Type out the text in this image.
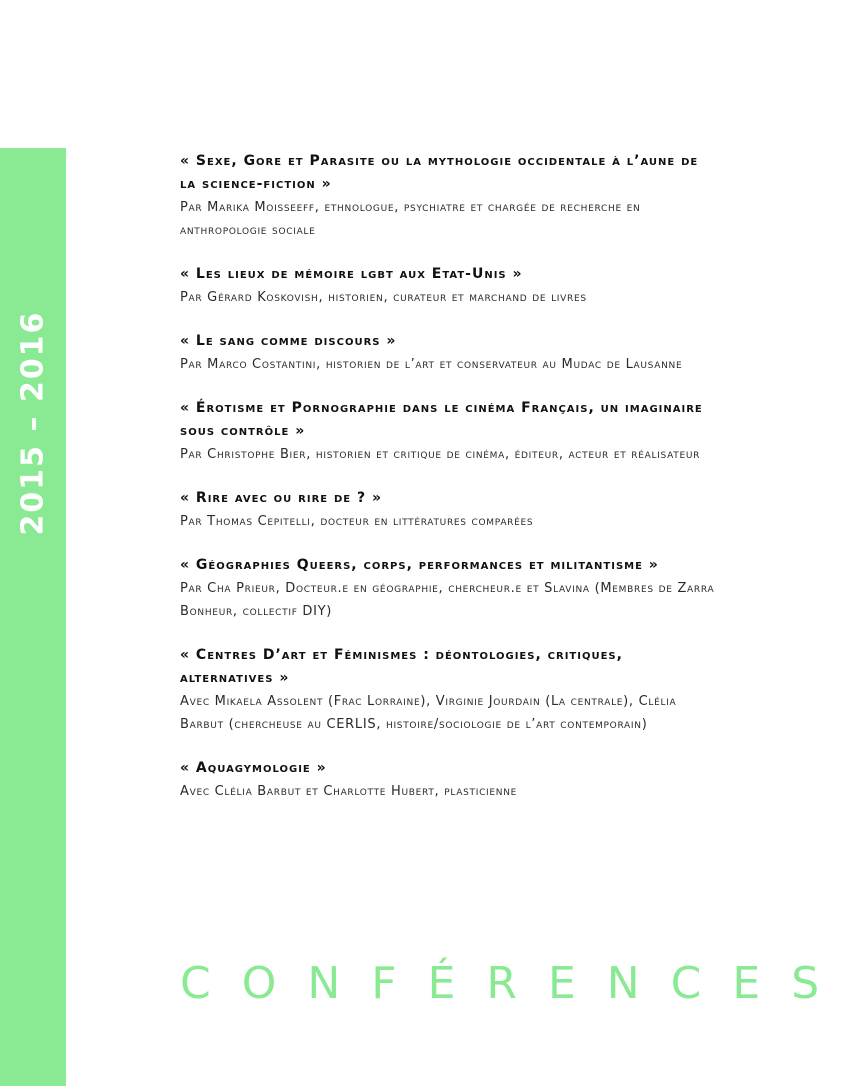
2015 – 2016
« Sexe, Gore et Parasite ou la mythologie occidentale à l’aune de la science-fiction »
Par Marika Moisseeff, ethnologue, psychiatre et chargée de recherche en anthropologie sociale
« Les lieux de mémoire lgbt aux Etat-Unis »
Par Gérard Koskovish, historien, curateur et marchand de livres
« Le sang comme discours »
Par Marco Costantini, historien de l’art et conservateur au Mudac de Lausanne
« Érotisme et Pornographie dans le cinéma Français, un imaginaire sous contrôle »
Par Christophe Bier, historien et critique de cinéma, éditeur, acteur et réalisateur
« Rire avec ou rire de ? »
Par Thomas Cepitelli, docteur en littératures comparées
« Géographies Queers, corps, performances et militantisme »
Par Cha Prieur, Docteur.e en géographie, chercheur.e et Slavina (Membres de Zarra Bonheur, collectif DIY)
« Centres D’art et Féminismes : déontologies, critiques, alternatives »
Avec Mikaela Assolent (Frac Lorraine), Virginie Jourdain (La centrale), Clélia Barbut (chercheuse au CERLIS, histoire/sociologie de l’art contemporain)
« Aquagymologie »
Avec Clélia Barbut et Charlotte Hubert, plasticienne
CONFÉRENCES
